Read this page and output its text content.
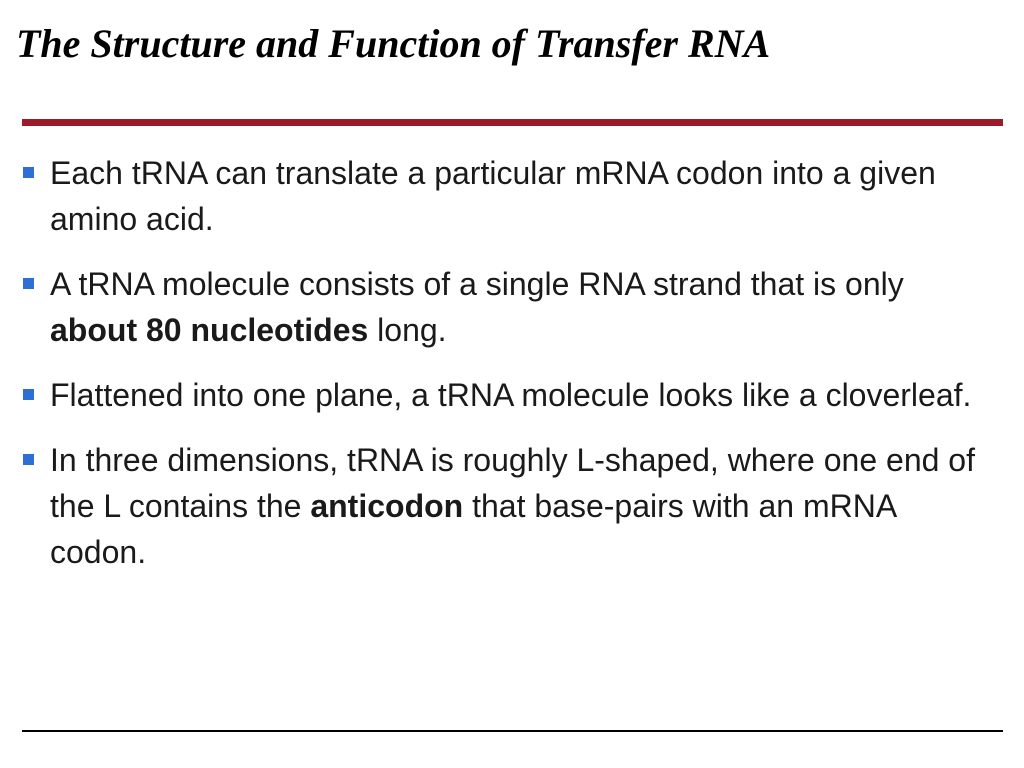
The Structure and Function of Transfer RNA
Each tRNA can translate a particular mRNA codon into a given amino acid.
A tRNA molecule consists of a single RNA strand that is only about 80 nucleotides long.
Flattened into one plane, a tRNA molecule looks like a cloverleaf.
In three dimensions, tRNA is roughly L-shaped, where one end of the L contains the anticodon that base-pairs with an mRNA codon.
